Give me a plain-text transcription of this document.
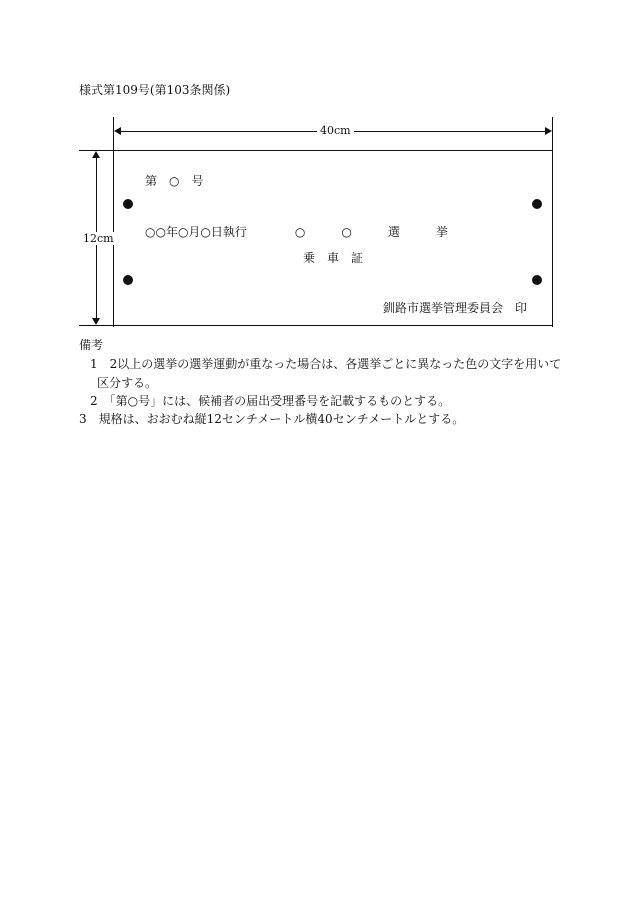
様式第109号(第103条関係)
40cm
12cm
第　○　号
○○年○月○日執行　　　　○　　　○　　　選　　　挙
乗　車　証
釧路市選挙管理委員会　印
備考
1　2以上の選挙の選挙運動が重なった場合は、各選挙ごとに異なった色の文字を用いて
区分する。
2　「第○号」には、候補者の届出受理番号を記載するものとする。
3　規格は、おおむね縦12センチメートル横40センチメートルとする。
